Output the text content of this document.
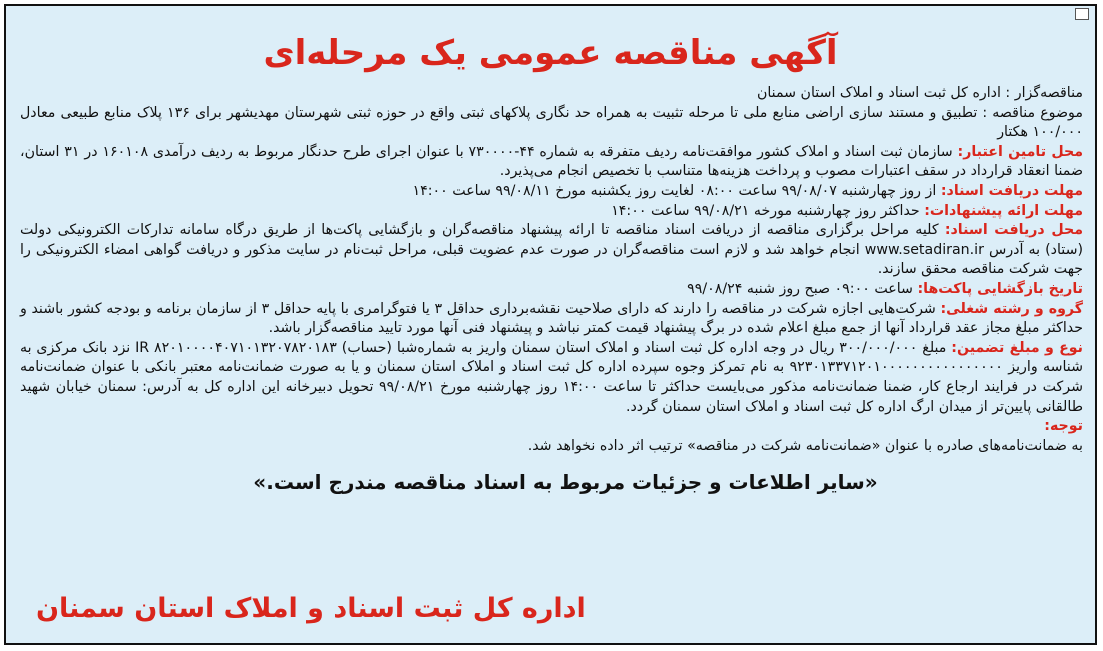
آگهی مناقصه عمومی یک مرحله‌ای

مناقصه‌گزار : اداره کل ثبت اسناد و املاک استان سمنان

موضوع مناقصه : تطبیق و مستند سازی اراضی منابع ملی تا مرحله تثبیت به همراه حد نگاری پلاکهای ثبتی واقع در حوزه ثبتی شهرستان مهدیشهر برای ۱۳۶ پلاک منابع طبیعی معادل ۱۰۰/۰۰۰ هکتار

محل تامین اعتبار: سازمان ثبت اسناد و املاک کشور موافقت‌نامه ردیف متفرقه به شماره ۴۴-۷۳۰۰۰۰ با عنوان اجرای طرح حدنگار مربوط به ردیف درآمدی ۱۶۰۱۰۸ در ۳۱ استان، ضمنا انعقاد قرارداد در سقف اعتبارات مصوب و پرداخت هزینه‌ها متناسب با تخصیص انجام می‌پذیرد.

مهلت دریافت اسناد: از روز چهارشنبه ۹۹/۰۸/۰۷ ساعت ۰۸:۰۰ لغایت روز یکشنبه مورخ ۹۹/۰۸/۱۱ ساعت ۱۴:۰۰

مهلت ارائه پیشنهادات: حداکثر روز چهارشنبه مورخه ۹۹/۰۸/۲۱ ساعت ۱۴:۰۰

محل دریافت اسناد: کلیه مراحل برگزاری مناقصه از دریافت اسناد مناقصه تا ارائه پیشنهاد مناقصه‌گران و بازگشایی پاکت‌ها از طریق درگاه سامانه تدارکات الکترونیکی دولت (ستاد) به آدرس www.setadiran.ir انجام خواهد شد و لازم است مناقصه‌گران در صورت عدم عضویت قبلی، مراحل ثبت‌نام در سایت مذکور و دریافت گواهی امضاء الکترونیکی را جهت شرکت مناقصه محقق سازند.

تاریخ بازگشایی پاکت‌ها: ساعت ۰۹:۰۰ صبح روز شنبه ۹۹/۰۸/۲۴

گروه و رشته شغلی: شرکت‌هایی اجازه شرکت در مناقصه را دارند که دارای صلاحیت نقشه‌برداری حداقل ۳ یا فتوگرامری با پایه حداقل ۳ از سازمان برنامه و بودجه کشور باشند و حداکثر مبلغ مجاز عقد قرارداد آنها از جمع مبلغ اعلام شده در برگ پیشنهاد قیمت کمتر نباشد و پیشنهاد فنی آنها مورد تایید مناقصه‌گزار باشد.

نوع و مبلغ تضمین: مبلغ ۳۰۰/۰۰۰/۰۰۰ ریال در وجه اداره کل ثبت اسناد و املاک استان سمنان واریز به شماره‌شبا (حساب) IR ۸۲۰۱۰۰۰۰۴۰۷۱۰۱۳۲۰۷۸۲۰۱۸۳ نزد بانک مرکزی به شناسه واریز ۹۲۳۰۱۳۳۷۱۲۰۱۰۰۰۰۰۰۰۰۰۰۰۰۰۰۰۰ به نام تمرکز وجوه سپرده اداره کل ثبت اسناد و املاک استان سمنان و یا به صورت ضمانت‌نامه معتبر بانکی با عنوان ضمانت‌نامه شرکت در فرایند ارجاع کار، ضمنا ضمانت‌نامه مذکور می‌بایست حداکثر تا ساعت ۱۴:۰۰ روز چهارشنبه مورخ ۹۹/۰۸/۲۱ تحویل دبیرخانه این اداره کل به آدرس: سمنان خیابان شهید طالقانی پایین‌تر از میدان ارگ اداره کل ثبت اسناد و املاک استان سمنان گردد.

توجه:

به ضمانت‌نامه‌های صادره با عنوان «ضمانت‌نامه شرکت در مناقصه» ترتیب اثر داده نخواهد شد.

«سایر اطلاعات و جزئیات مربوط به اسناد مناقصه مندرج است.»
اداره کل ثبت اسناد و املاک استان سمنان
